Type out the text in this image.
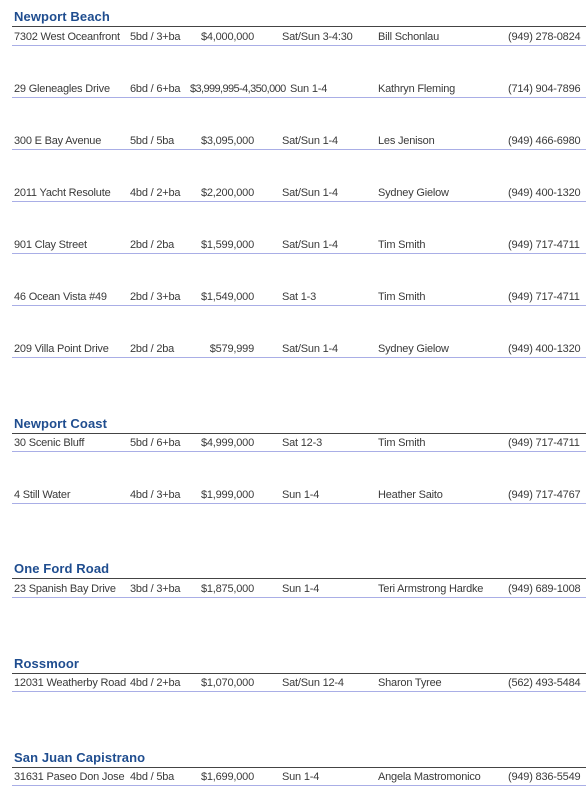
Newport Beach
7302 West Oceanfront 5bd / 3+ba $4,000,000	Sat/Sun 3-4:30 Bill Schonlau	(949) 278-0824
29 Gleneagles Drive 6bd / 6+ba $3,999,995-4,350,000 Sun 1-4	Kathryn Fleming	(714) 904-7896
300 E Bay Avenue	5bd / 5ba $3,095,000	Sat/Sun 1-4	Les Jenison	(949) 466-6980
2011 Yacht Resolute 4bd / 2+ba $2,200,000	Sat/Sun 1-4	Sydney Gielow	(949) 400-1320
901 Clay Street	2bd / 2ba $1,599,000	Sat/Sun 1-4	Tim Smith	(949) 717-4711
46 Ocean Vista #49 2bd / 3+ba $1,549,000	Sat 1-3	Tim Smith	(949) 717-4711
209 Villa Point Drive 2bd / 2ba	$579,999	Sat/Sun 1-4	Sydney Gielow	(949) 400-1320
Newport Coast
30 Scenic Bluff	5bd / 6+ba $4,999,000	Sat 12-3	Tim Smith	(949) 717-4711
4 Still Water	4bd / 3+ba $1,999,000	Sun 1-4	Heather Saito	(949) 717-4767
One Ford Road
23 Spanish Bay Drive 3bd / 3+ba $1,875,000	Sun 1-4	Teri Armstrong Hardke (949) 689-1008
Rossmoor
12031 Weatherby Road 4bd / 2+ba $1,070,000	Sat/Sun 12-4	Sharon Tyree	(562) 493-5484
San Juan Capistrano
31631 Paseo Don Jose 4bd / 5ba $1,699,000	Sun 1-4	Angela Mastromonico (949) 836-5549
